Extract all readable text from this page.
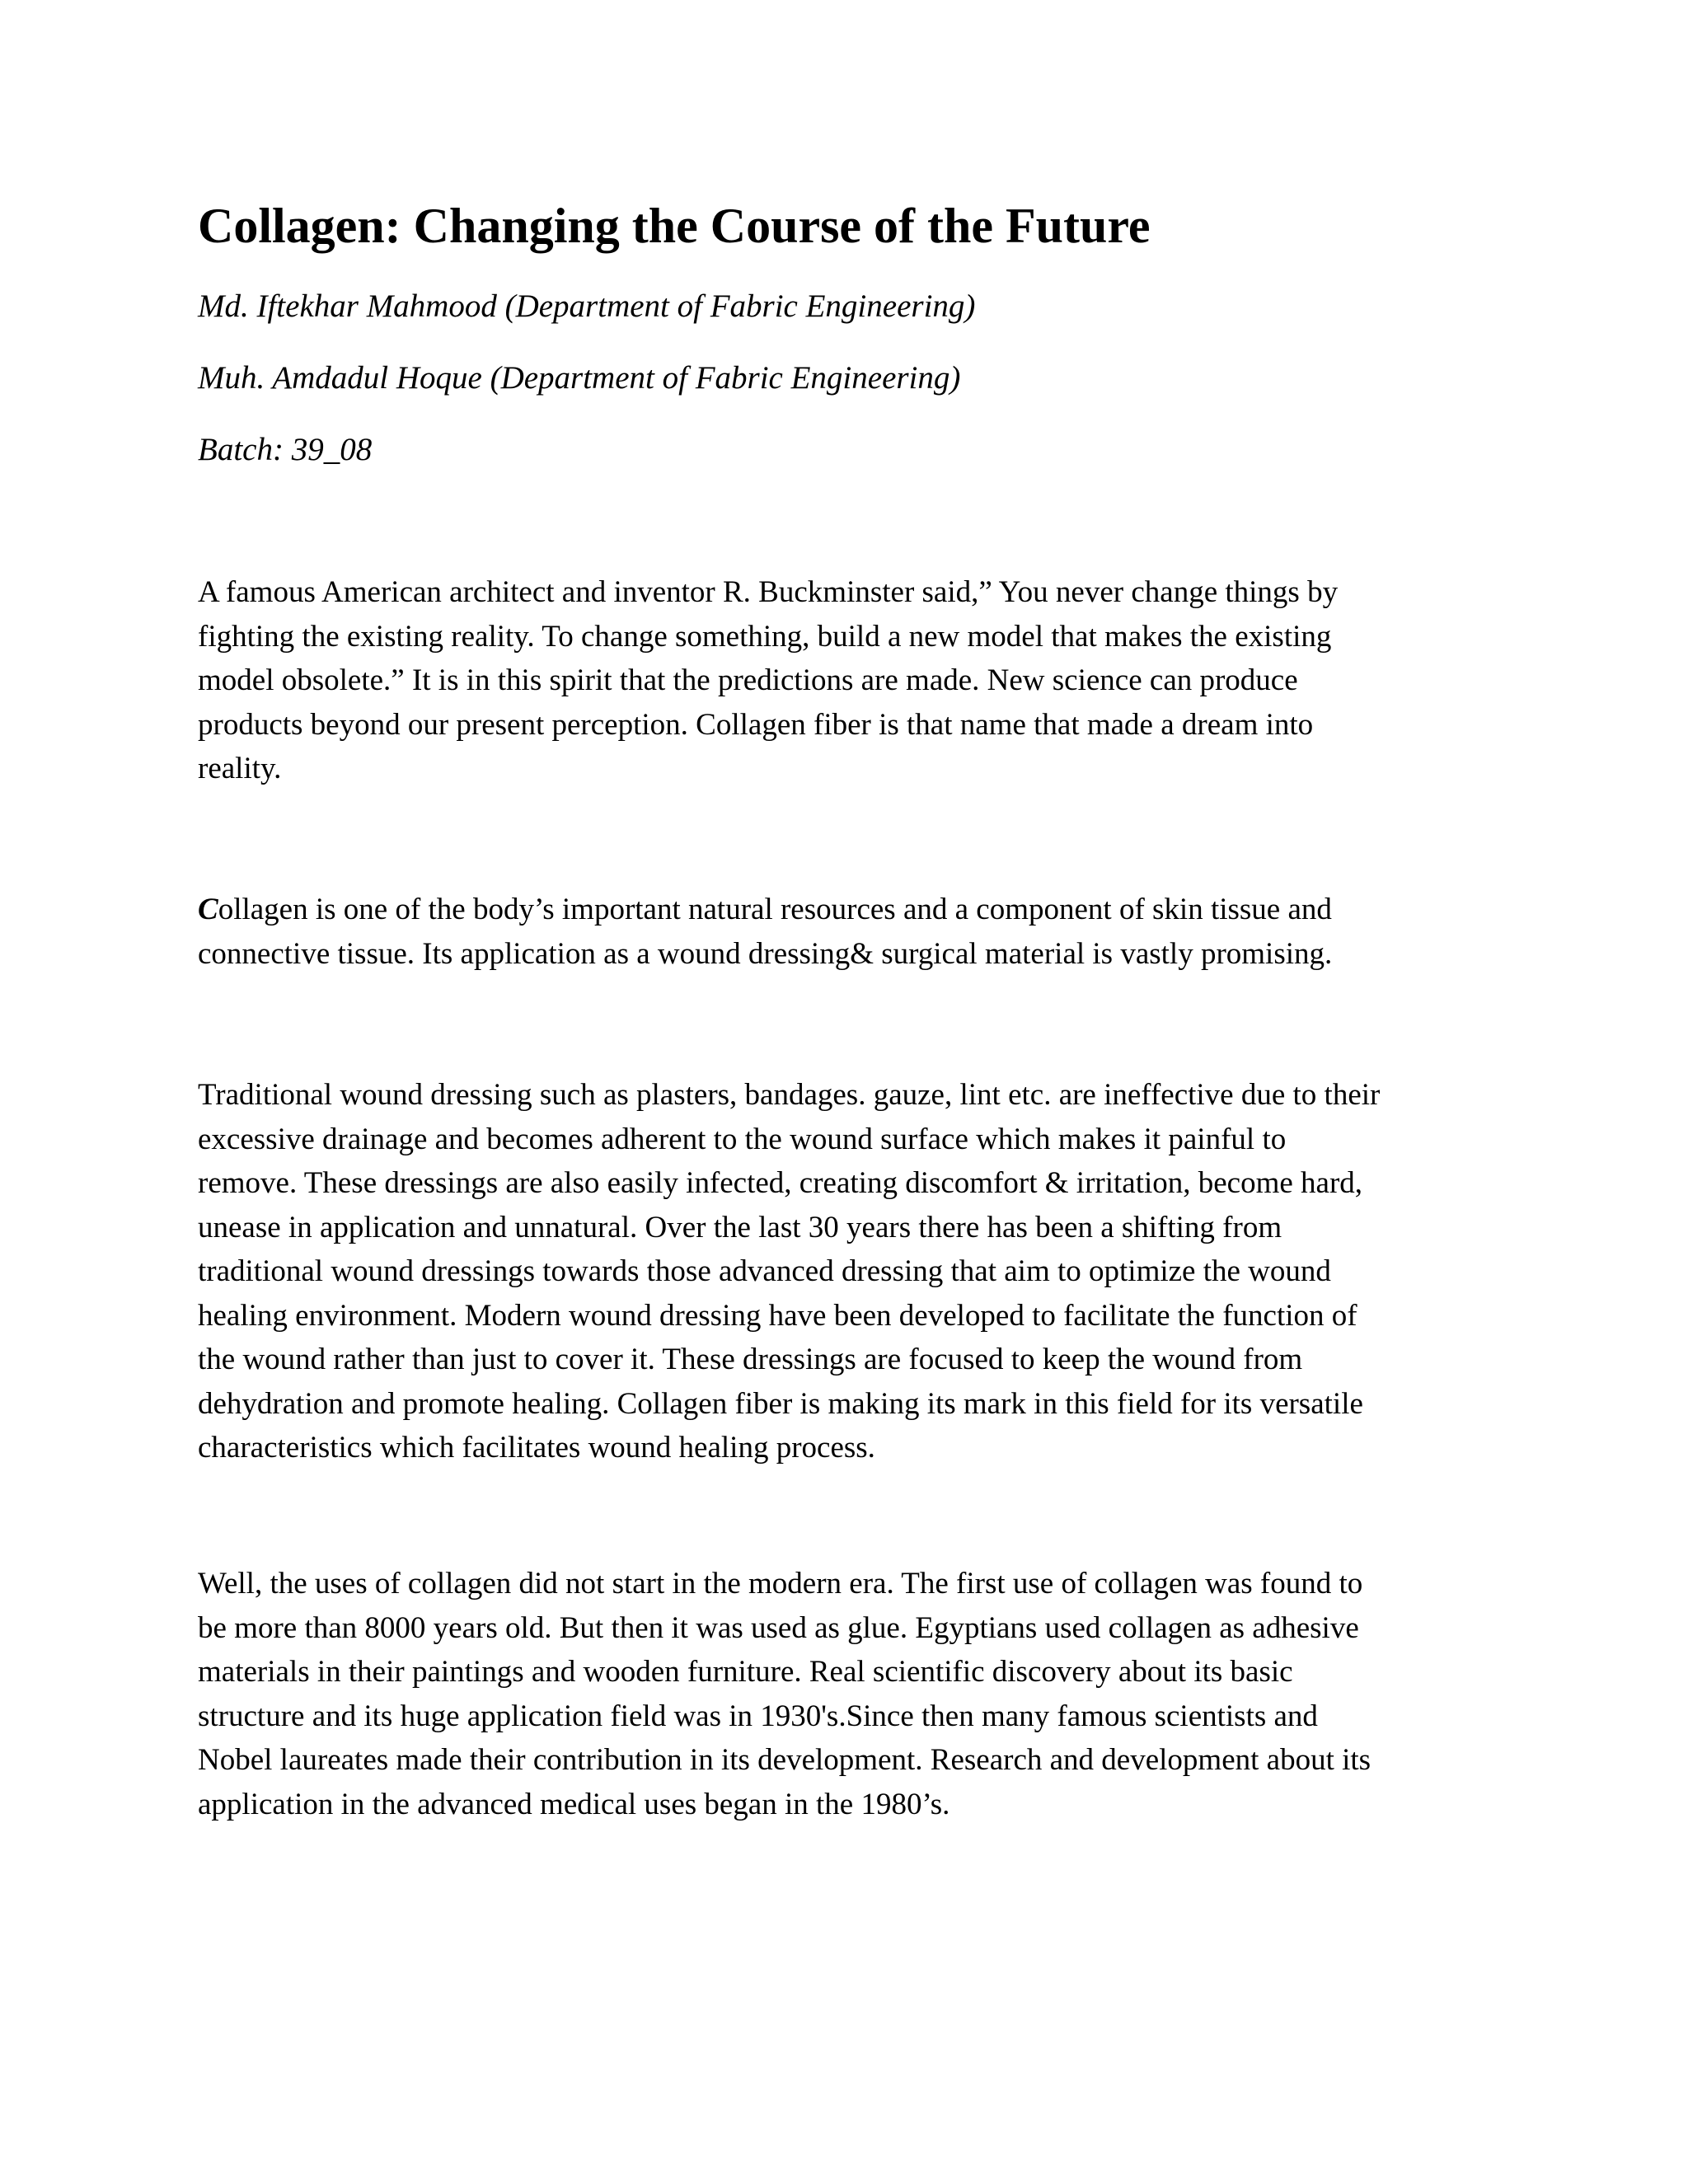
Collagen: Changing the Course of the Future

Md. Iftekhar Mahmood (Department of Fabric Engineering)

Muh. Amdadul Hoque (Department of Fabric Engineering)

Batch: 39_08

A famous American architect and inventor R. Buckminster said,” You never change things by
fighting the existing reality. To change something, build a new model that makes the existing
model obsolete.” It is in this spirit that the predictions are made. New science can produce
products beyond our present perception. Collagen fiber is that name that made a dream into
reality.

Collagen is one of the body’s important natural resources and a component of skin tissue and
connective tissue. Its application as a wound dressing& surgical material is vastly promising.

Traditional wound dressing such as plasters, bandages. gauze, lint etc. are ineffective due to their
excessive drainage and becomes adherent to the wound surface which makes it painful to
remove. These dressings are also easily infected, creating discomfort & irritation, become hard,
unease in application and unnatural. Over the last 30 years there has been a shifting from
traditional wound dressings towards those advanced dressing that aim to optimize the wound
healing environment. Modern wound dressing have been developed to facilitate the function of
the wound rather than just to cover it. These dressings are focused to keep the wound from
dehydration and promote healing. Collagen fiber is making its mark in this field for its versatile
characteristics which facilitates wound healing process.

Well, the uses of collagen did not start in the modern era. The first use of collagen was found to
be more than 8000 years old. But then it was used as glue. Egyptians used collagen as adhesive
materials in their paintings and wooden furniture. Real scientific discovery about its basic
structure and its huge application field was in 1930's.Since then many famous scientists and
Nobel laureates made their contribution in its development. Research and development about its
application in the advanced medical uses began in the 1980’s.
